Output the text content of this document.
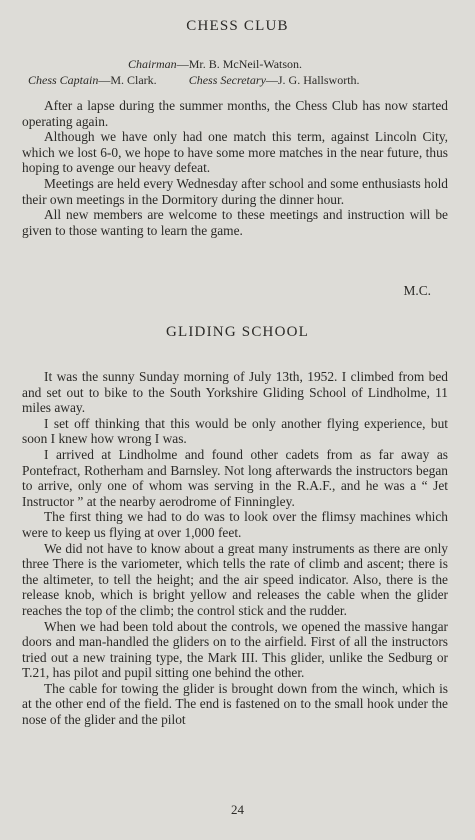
CHESS CLUB
Chairman—Mr. B. McNeil-Watson.
Chess Captain—M. Clark.	Chess Secretary—J. G. Hallsworth.

After a lapse during the summer months, the Chess Club has now started operating again.

Although we have only had one match this term, against Lincoln City, which we lost 6-0, we hope to have some more matches in the near future, thus hoping to avenge our heavy defeat.

Meetings are held every Wednesday after school and some enthusiasts hold their own meetings in the Dormitory during the dinner hour.

All new members are welcome to these meetings and instruction will be given to those wanting to learn the game.

M.C.
GLIDING SCHOOL

It was the sunny Sunday morning of July 13th, 1952. I climbed from bed and set out to bike to the South Yorkshire Gliding School of Lindholme, 11 miles away.

I set off thinking that this would be only another flying experience, but soon I knew how wrong I was.

I arrived at Lindholme and found other cadets from as far away as Pontefract, Rotherham and Barnsley. Not long afterwards the instructors began to arrive, only one of whom was serving in the R.A.F., and he was a “ Jet Instructor ” at the nearby aerodrome of Finningley.

The first thing we had to do was to look over the flimsy machines which were to keep us flying at over 1,000 feet.

We did not have to know about a great many instruments as there are only three There is the variometer, which tells the rate of climb and ascent; there is the altimeter, to tell the height; and the air speed indicator. Also, there is the release knob, which is bright yellow and releases the cable when the glider reaches the top of the climb; the control stick and the rudder.

When we had been told about the controls, we opened the massive hangar doors and man-handled the gliders on to the airfield. First of all the instructors tried out a new training type, the Mark III. This glider, unlike the Sedburg or T.21, has pilot and pupil sitting one behind the other.

The cable for towing the glider is brought down from the winch, which is at the other end of the field. The end is fastened on to the small hook under the nose of the glider and the pilot

24
